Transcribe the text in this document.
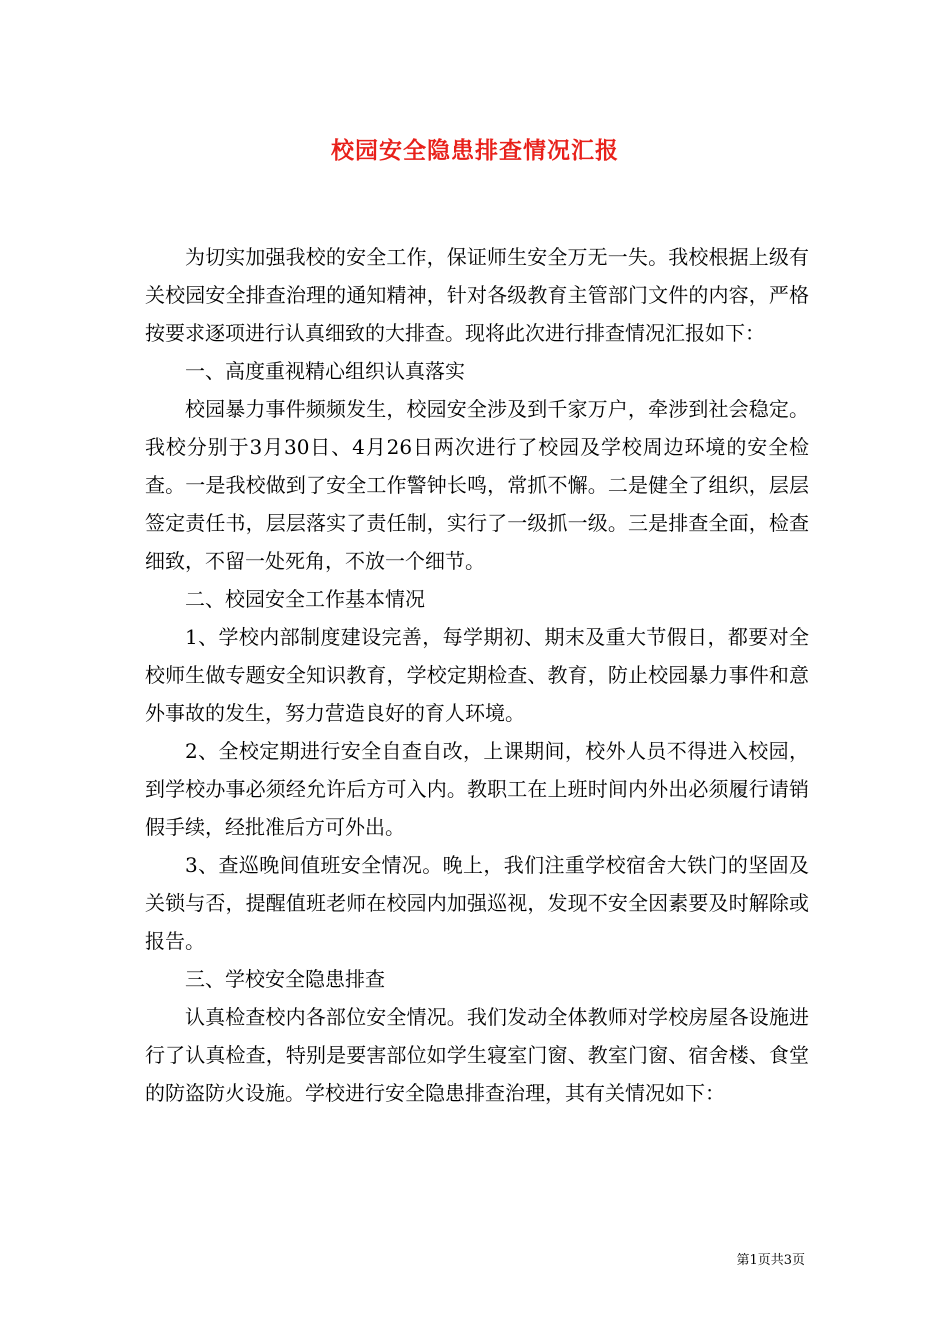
校园安全隐患排查情况汇报

为切实加强我校的安全工作，保证师生安全万无一失。我校根据上级有关校园安全排查治理的通知精神，针对各级教育主管部门文件的内容，严格按要求逐项进行认真细致的大排查。现将此次进行排查情况汇报如下：

一、高度重视精心组织认真落实

校园暴力事件频频发生，校园安全涉及到千家万户，牵涉到社会稳定。我校分别于3月30日、4月26日两次进行了校园及学校周边环境的安全检查。一是我校做到了安全工作警钟长鸣，常抓不懈。二是健全了组织，层层签定责任书，层层落实了责任制，实行了一级抓一级。三是排查全面，检查细致，不留一处死角，不放一个细节。

二、校园安全工作基本情况

1、学校内部制度建设完善，每学期初、期末及重大节假日，都要对全校师生做专题安全知识教育，学校定期检查、教育，防止校园暴力事件和意外事故的发生，努力营造良好的育人环境。

2、全校定期进行安全自查自改，上课期间，校外人员不得进入校园，到学校办事必须经允许后方可入内。教职工在上班时间内外出必须履行请销假手续，经批准后方可外出。

3、查巡晚间值班安全情况。晚上，我们注重学校宿舍大铁门的坚固及关锁与否，提醒值班老师在校园内加强巡视，发现不安全因素要及时解除或报告。

三、学校安全隐患排查

认真检查校内各部位安全情况。我们发动全体教师对学校房屋各设施进行了认真检查，特别是要害部位如学生寝室门窗、教室门窗、宿舍楼、食堂的防盗防火设施。学校进行安全隐患排查治理，其有关情况如下：

第1页共3页
